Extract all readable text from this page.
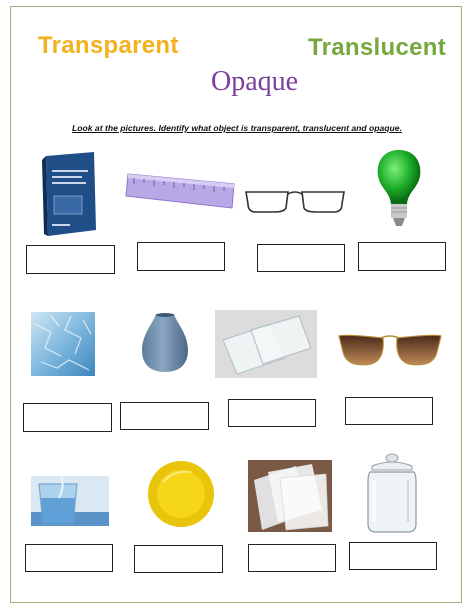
Transparent	Translucent
Opaque
Look at the pictures. Identify what object is transparent, translucent and opaque.
